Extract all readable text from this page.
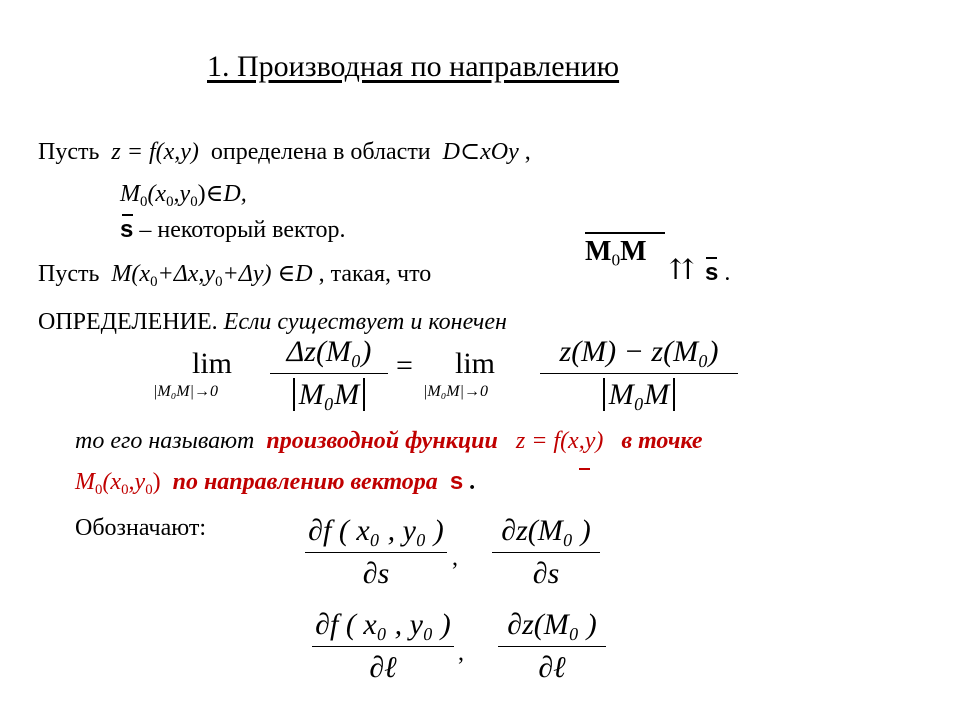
1. Производная по направлению
Пусть z = f(x,y) определена в области D⊂xOy ,
$M_0(x_0,y_0)\in D$,
s – некоторый вектор.
Пусть $M(x_0+\Delta x,y_0+\Delta y)$ ∈D , такая, что
$M_0M$
⇈ s .
ОПРЕДЕЛЕНИЕ. Если существует и конечен
lim
|M₀M|→0
Δz(M₀)
M₀M
= lim
|M₀M|→0
z(M) − z(M₀)
M₀M
то его называют производной функции z = f(x,y) в точке
$M_0(x_0,y_0)$ по направлению вектора s .
Обозначают:	∂f ( x₀ , y₀ )
∂s	,
∂z(M₀ )
∂s
∂f ( x₀ , y₀ )
∂ℓ	,
∂z(M₀ )
∂ℓ
